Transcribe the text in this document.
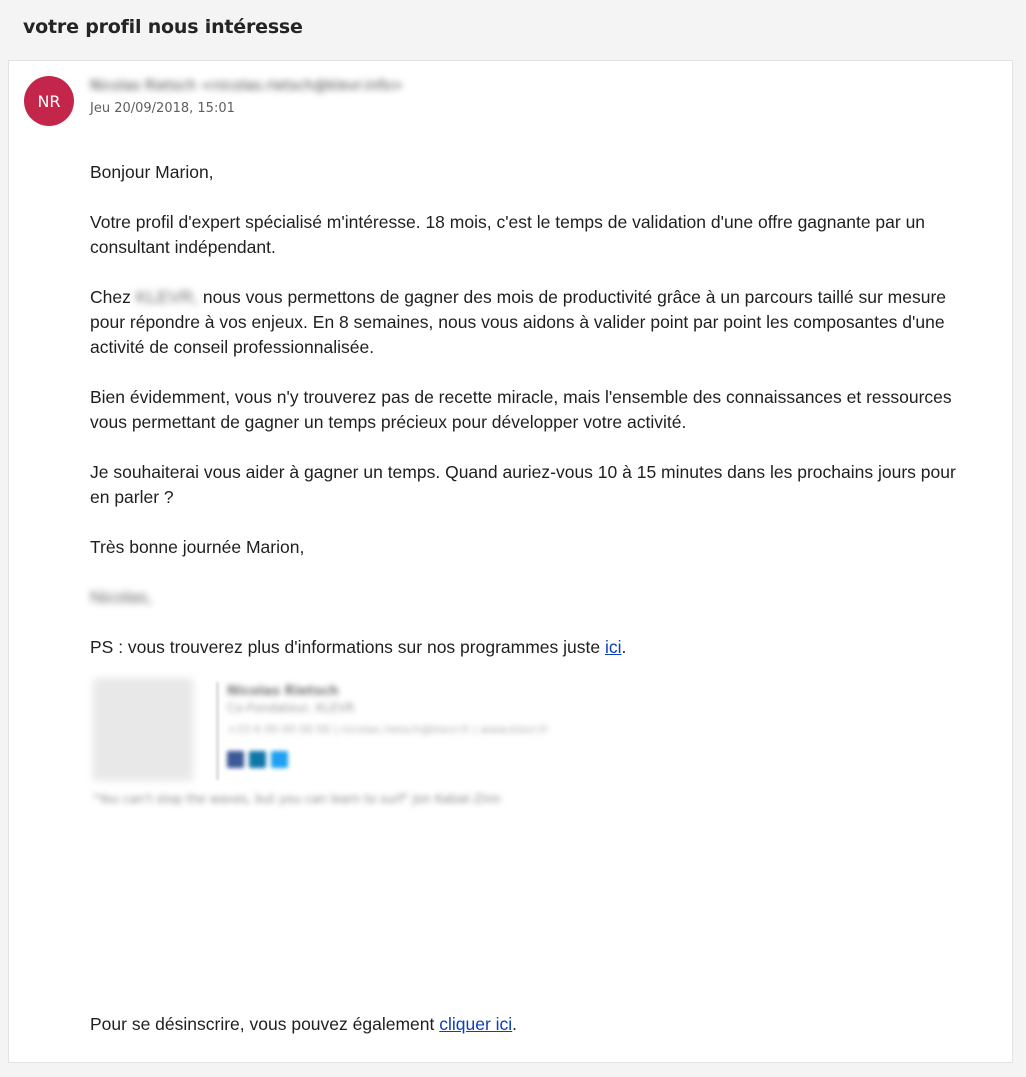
votre profil nous intéresse
NR
Nicolas Rietsch <nicolas.rietsch@klevr.info>
Jeu 20/09/2018, 15:01

Bonjour Marion,

Votre profil d'expert spécialisé m'intéresse. 18 mois, c'est le temps de validation d'une offre gagnante par un consultant indépendant.

Chez KLEVR, nous vous permettons de gagner des mois de productivité grâce à un parcours taillé sur mesure pour répondre à vos enjeux. En 8 semaines, nous vous aidons à valider point par point les composantes d'une activité de conseil professionnalisée.

Bien évidemment, vous n'y trouverez pas de recette miracle, mais l'ensemble des connaissances et ressources vous permettant de gagner un temps précieux pour développer votre activité.

Je souhaiterai vous aider à gagner un temps. Quand auriez-vous 10 à 15 minutes dans les prochains jours pour en parler ?

Très bonne journée Marion,

Nicolas,

PS : vous trouverez plus d'informations sur nos programmes juste ici.

Nicolas Rietsch
Co-Fondateur, KLEVR
+33 6 00 00 00 00 | nicolas.rietsch@klevr.fr | www.klevr.fr
"You can't stop the waves, but you can learn to surf" Jon Kabat-Zinn
Pour se désinscrire, vous pouvez également cliquer ici.
